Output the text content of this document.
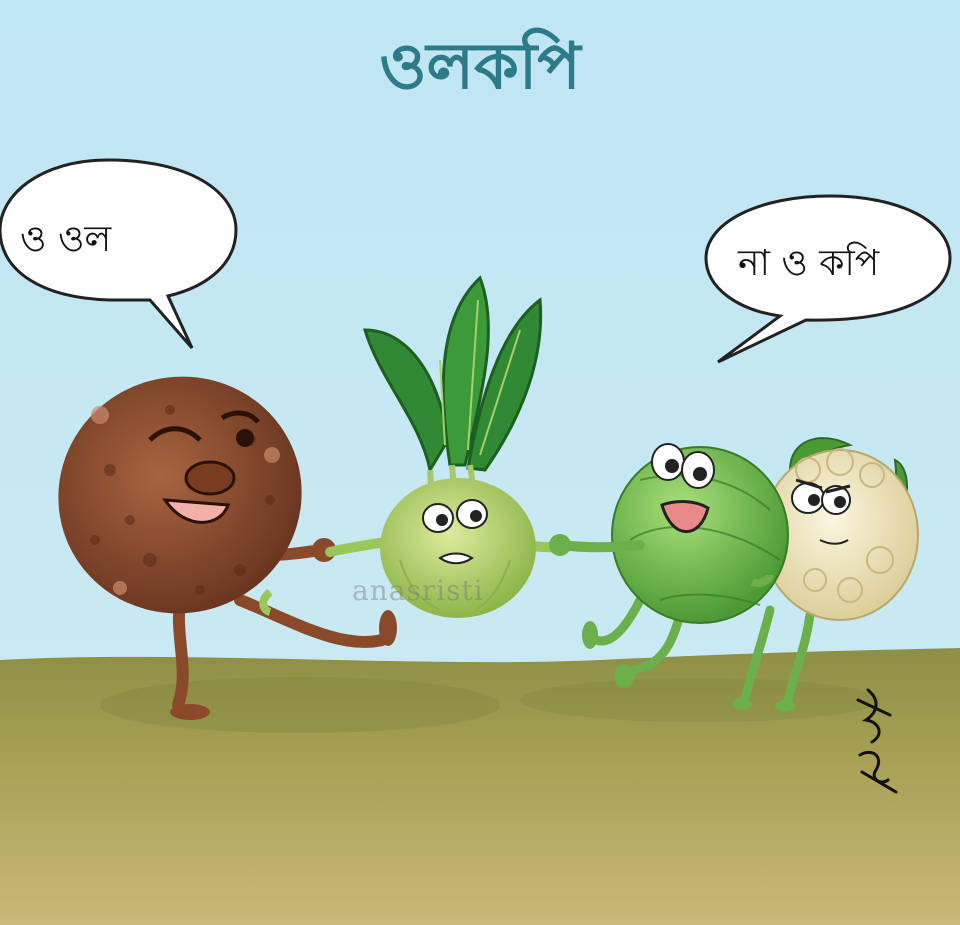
ওলকপি
ও ওল
না ও কপি
anasristi
